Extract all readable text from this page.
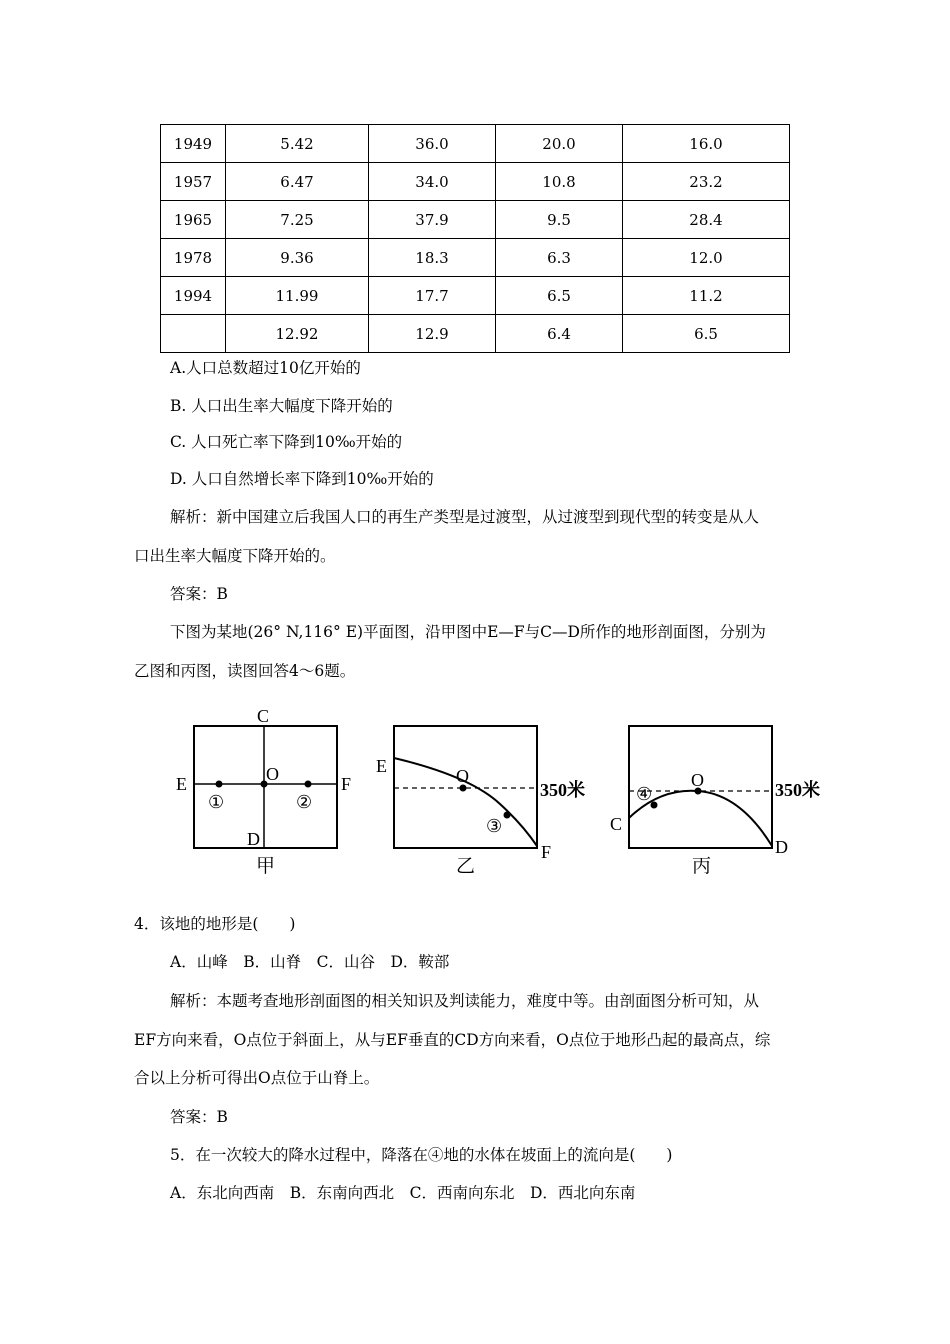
1949	5.42	36.0	20.0	16.0
1957	6.47	34.0	10.8	23.2
1965	7.25	37.9	9.5	28.4
1978	9.36	18.3	6.3	12.0
1994	11.99	17.7	6.5	11.2
	12.92	12.9	6.4	6.5
A.人口总数超过10亿开始的
B. 人口出生率大幅度下降开始的
C. 人口死亡率下降到10‰开始的
D. 人口自然增长率下降到10‰开始的
解析：新中国建立后我国人口的再生产类型是过渡型，从过渡型到现代型的转变是从人
口出生率大幅度下降开始的。
答案：B
下图为某地(26° N,116° E)平面图，沿甲图中E—F与C—D所作的地形剖面图，分别为
乙图和丙图，读图回答4～6题。
C
D
E	F
O
①	②
甲
E
F
O
③
350米
乙
C
D
O
④	350米
丙
4．该地的地形是(　　)
A．山峰　B．山脊　C．山谷　D．鞍部
解析：本题考查地形剖面图的相关知识及判读能力，难度中等。由剖面图分析可知，从
EF方向来看，O点位于斜面上，从与EF垂直的CD方向来看，O点位于地形凸起的最高点，综
合以上分析可得出O点位于山脊上。
答案：B
5．在一次较大的降水过程中，降落在④地的水体在坡面上的流向是(　　)
A．东北向西南　B．东南向西北　C．西南向东北　D．西北向东南
